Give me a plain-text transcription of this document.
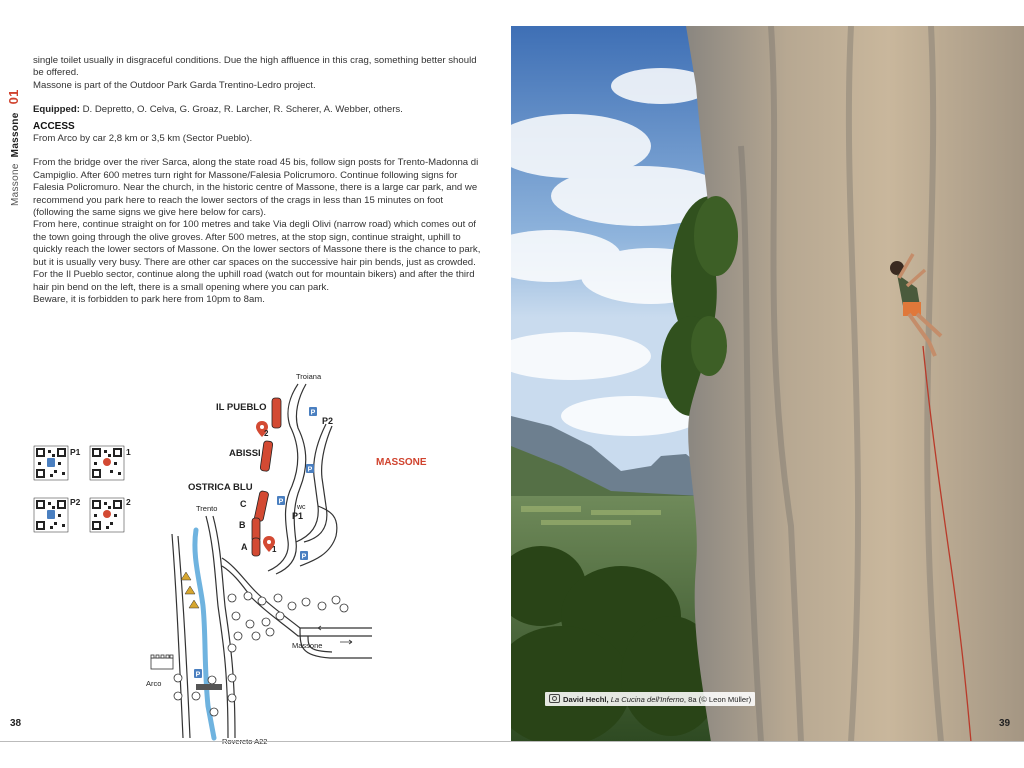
MassoneMassone01

single toilet usually in disgraceful conditions. Due the high affluence in this crag, something better should be offered.

Massone is part of the Outdoor Park Garda Trentino-Ledro project.

Equipped: D. Depretto, O. Celva, G. Groaz, R. Larcher, R. Scherer, A. Webber, others.

ACCESS

From Arco by car 2,8 km or 3,5 km (Sector Pueblo).

From the bridge over the river Sarca, along the state road 45 bis, follow sign posts for Trento-Madonna di Campiglio. After 600 metres turn right for Massone/Falesia Policrumoro. Continue following signs for Falesia Policromuro. Near the church, in the historic centre of Massone, there is a large car park, and we recommend you park here to reach the lower sectors of the crags in less than 15 minutes on foot (following the same signs we give here below for cars).

From here, continue straight on for 100 metres and take Via degli Olivi (narrow road) which comes out of the town going through the olive groves. After 500 metres, at the stop sign, continue straight, uphill to quickly reach the lower sectors of Massone. On the lower sectors of Massone there is the chance to park, but it is usually very busy. There are other car spaces on the successive hair pin bends, just as crowded.

For the Il Pueblo sector, continue along the uphill road (watch out for mountain bikers) and after the third hair pin bend on the left, there is a small opening where you can park.

Beware, it is forbidden to park here from 10pm to 8am.

IL PUEBLO
ABISSI
OSTRICA BLU
C
B
A
MASSONE
Troiana
Trento
Arco
Massone
P
P
P
P
P
P2
P1
wc
2
1
P1	1
P2	2
38	39
David Hechl, La Cucina dell'Inferno, 8a (© Leon Müller)
